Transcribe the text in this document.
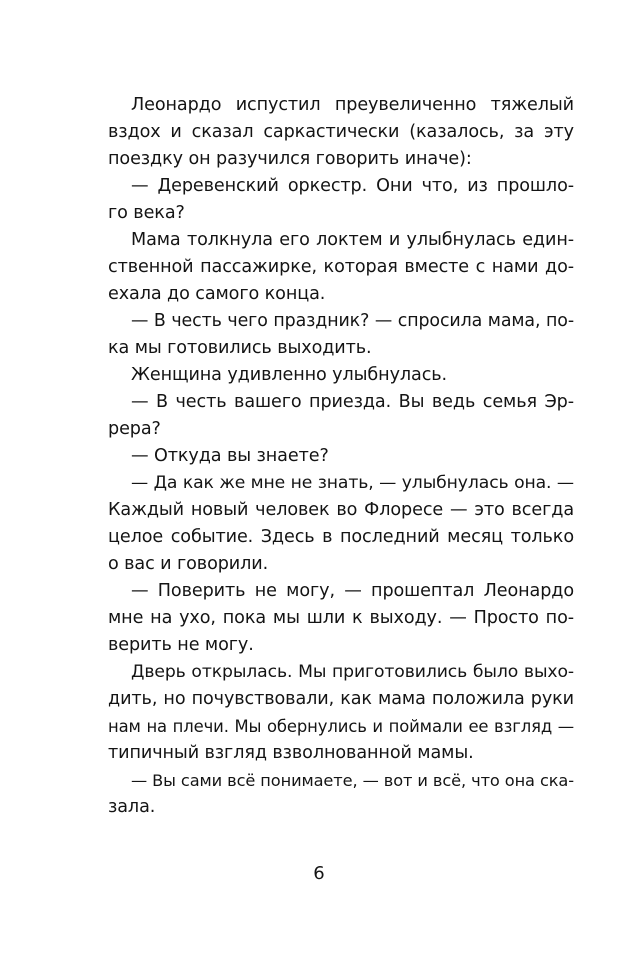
Леонардо испустил преувеличенно тяжелый
вздох и сказал саркастически (казалось, за эту
поездку он разучился говорить иначе):
— Деревенский оркестр. Они что, из прошло-
го века?
Мама толкнула его локтем и улыбнулась един-
ственной пассажирке, которая вместе с нами до-
ехала до самого конца.
— В честь чего праздник? — спросила мама, по-
ка мы готовились выходить.
Женщина удивленно улыбнулась.
— В честь вашего приезда. Вы ведь семья Эр-
рера?
— Откуда вы знаете?
— Да как же мне не знать, — улыбнулась она. —
Каждый новый человек во Флоресе — это всегда
целое событие. Здесь в последний месяц только
о вас и говорили.
— Поверить не могу, — прошептал Леонардо
мне на ухо, пока мы шли к выходу. — Просто по-
верить не могу.
Дверь открылась. Мы приготовились было выхо-
дить, но почувствовали, как мама положила руки
нам на плечи. Мы обернулись и поймали ее взгляд —
типичный взгляд взволнованной мамы.
— Вы сами всё понимаете, — вот и всё, что она ска-
зала.
6
